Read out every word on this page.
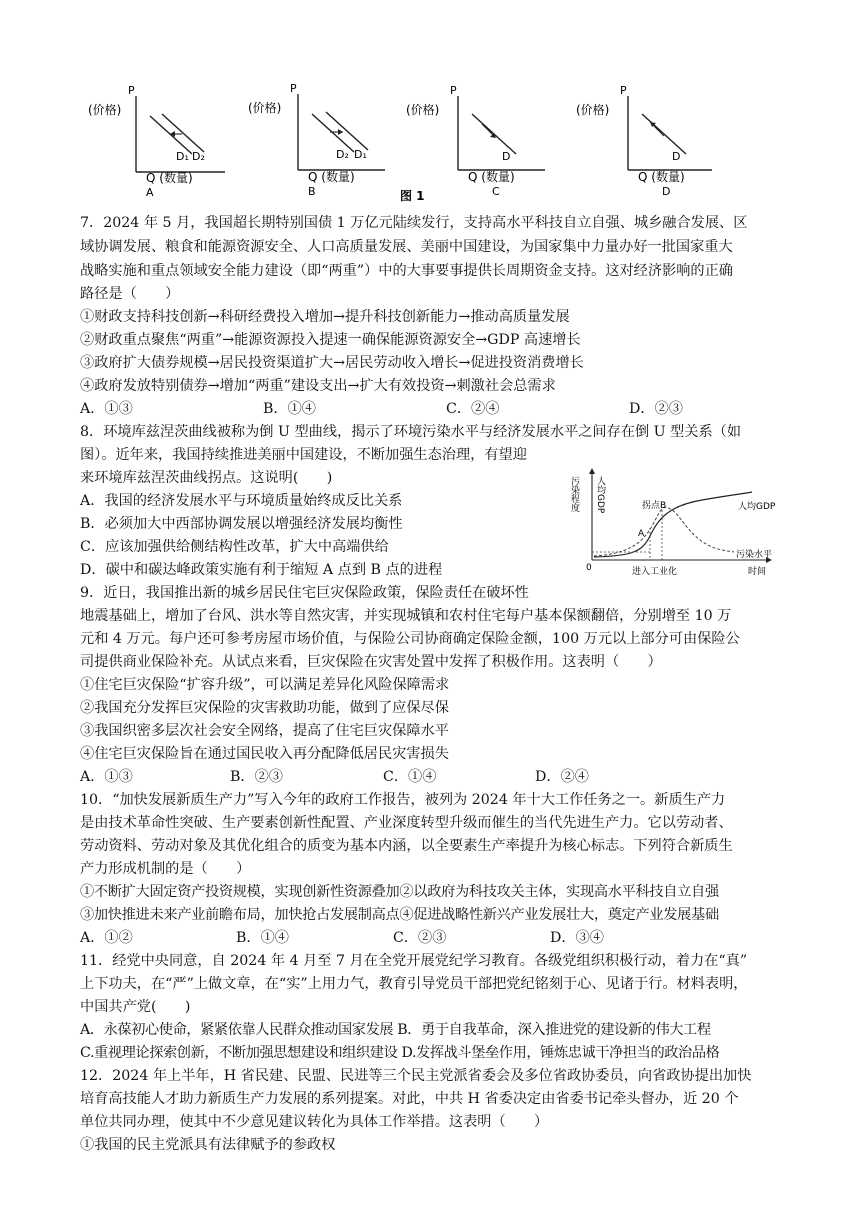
P
(价格)
D₁ D₂
Q (数量)
A
P
(价格)
D₂ D₁
Q (数量)
B
P
(价格)
D
Q (数量)
C
P
(价格)
D
Q (数量)
D
图 1
7．2024 年 5 月，我国超长期特别国债 1 万亿元陆续发行，支持高水平科技自立自强、城乡融合发展、区
域协调发展、粮食和能源资源安全、人口高质量发展、美丽中国建设，为国家集中力量办好一批国家重大
战略实施和重点领域安全能力建设（即“两重”）中的大事要事提供长周期资金支持。这对经济影响的正确
路径是（　　）
①财政支持科技创新→科研经费投入增加→提升科技创新能力→推动高质量发展
②财政重点聚焦“两重”→能源资源投入提速一确保能源资源安全→GDP 高速增长
③政府扩大债券规模→居民投资渠道扩大→居民劳动收入增长→促进投资消费增长
④政府发放特别债券→增加“两重”建设支出→扩大有效投资→刺激社会总需求
A．①③	B．①④	C．②④	D．②③
8．环境库兹涅茨曲线被称为倒 U 型曲线，揭示了环境污染水平与经济发展水平之间存在倒 U 型关系（如
图）。近年来，我国持续推进美丽中国建设，不断加强生态治理，有望迎
来环境库兹涅茨曲线拐点。这说明(　　)
A．我国的经济发展水平与环境质量始终成反比关系
B．必须加大中西部协调发展以增强经济发展均衡性
C．应该加强供给侧结构性改革，扩大中高端供给
D．碳中和碳达峰政策实施有利于缩短 A 点到 B 点的进程
污染程度 人均GDP
0
A
拐点B	人均GDP
污染水平
进入工业化	时间
9．近日，我国推出新的城乡居民住宅巨灾保险政策，保险责任在破坏性
地震基础上，增加了台风、洪水等自然灾害，并实现城镇和农村住宅每户基本保额翻倍，分别增至 10 万
元和 4 万元。每户还可参考房屋市场价值，与保险公司协商确定保险金额，100 万元以上部分可由保险公
司提供商业保险补充。从试点来看，巨灾保险在灾害处置中发挥了积极作用。这表明（　　）
①住宅巨灾保险“扩容升级”，可以满足差异化风险保障需求
②我国充分发挥巨灾保险的灾害救助功能，做到了应保尽保
③我国织密多层次社会安全网络，提高了住宅巨灾保障水平
④住宅巨灾保险旨在通过国民收入再分配降低居民灾害损失
A．①③	B．②③	C．①④	D．②④
10．“加快发展新质生产力”写入今年的政府工作报告，被列为 2024 年十大工作任务之一。新质生产力
是由技术革命性突破、生产要素创新性配置、产业深度转型升级而催生的当代先进生产力。它以劳动者、
劳动资料、劳动对象及其优化组合的质变为基本内涵，以全要素生产率提升为核心标志。下列符合新质生
产力形成机制的是（　　）
①不断扩大固定资产投资规模，实现创新性资源叠加②以政府为科技攻关主体，实现高水平科技自立自强
③加快推进未来产业前瞻布局，加快抢占发展制高点④促进战略性新兴产业发展壮大，奠定产业发展基础
A．①②	B．①④	C．②③	D．③④
11．经党中央同意，自 2024 年 4 月至 7 月在全党开展党纪学习教育。各级党组织积极行动，着力在“真”
上下功夫，在“严”上做文章，在“实”上用力气，教育引导党员干部把党纪铭刻于心、见诸于行。材料表明，
中国共产党(　　)
A．永葆初心使命，紧紧依靠人民群众推动国家发展 B．勇于自我革命，深入推进党的建设新的伟大工程
C.重视理论探索创新，不断加强思想建设和组织建设 D.发挥战斗堡垒作用，锤炼忠诚干净担当的政治品格
12．2024 年上半年，H 省民建、民盟、民进等三个民主党派省委会及多位省政协委员，向省政协提出加快
培育高技能人才助力新质生产力发展的系列提案。对此，中共 H 省委决定由省委书记牵头督办，近 20 个
单位共同办理，使其中不少意见建议转化为具体工作举措。这表明（　　）
①我国的民主党派具有法律赋予的参政权
